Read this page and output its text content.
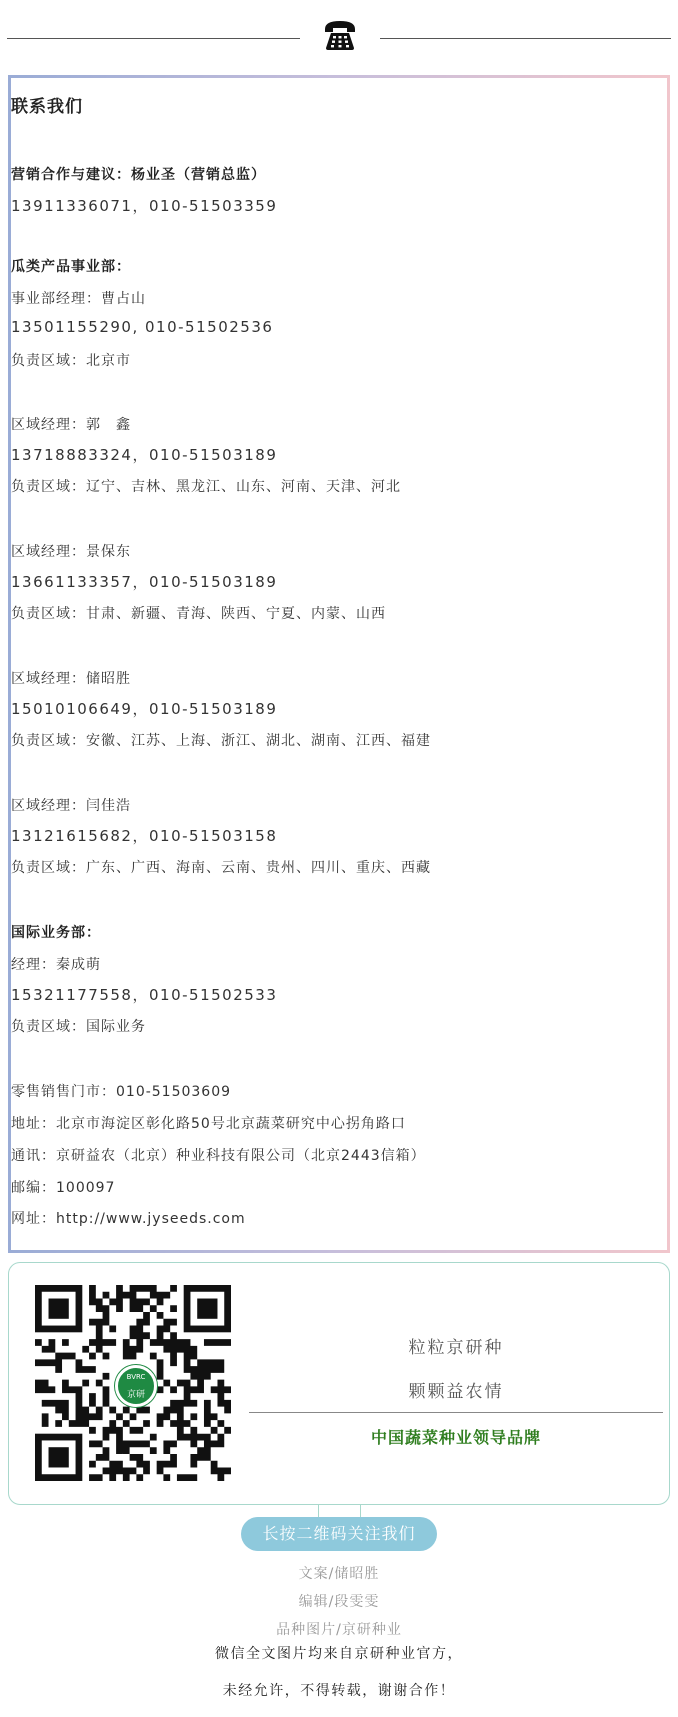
联系我们
营销合作与建议：杨业圣（营销总监）
13911336071，010-51503359
瓜类产品事业部：
事业部经理：曹占山
13501155290, 010-51502536
负责区域：北京市
区域经理：郭　鑫
13718883324，010-51503189
负责区域：辽宁、吉林、黑龙江、山东、河南、天津、河北
区域经理：景保东
13661133357，010-51503189
负责区域：甘肃、新疆、青海、陕西、宁夏、内蒙、山西
区域经理：储昭胜
15010106649，010-51503189
负责区域：安徽、江苏、上海、浙江、湖北、湖南、江西、福建
区域经理：闫佳浩
13121615682，010-51503158
负责区域：广东、广西、海南、云南、贵州、四川、重庆、西藏
国际业务部：
经理：秦成萌
15321177558，010-51502533
负责区域：国际业务
零售销售门市：010-51503609
地址：北京市海淀区彰化路50号北京蔬菜研究中心拐角路口
通讯：京研益农（北京）种业科技有限公司（北京2443信箱）
邮编：100097
网址：http://www.jyseeds.com
BVRC
京研
粒粒京研种
颗颗益农情
中国蔬菜种业领导品牌
长按二维码关注我们
文案/储昭胜
编辑/段雯雯
品种图片/京研种业
微信全文图片均来自京研种业官方，
未经允许，不得转载，谢谢合作！
